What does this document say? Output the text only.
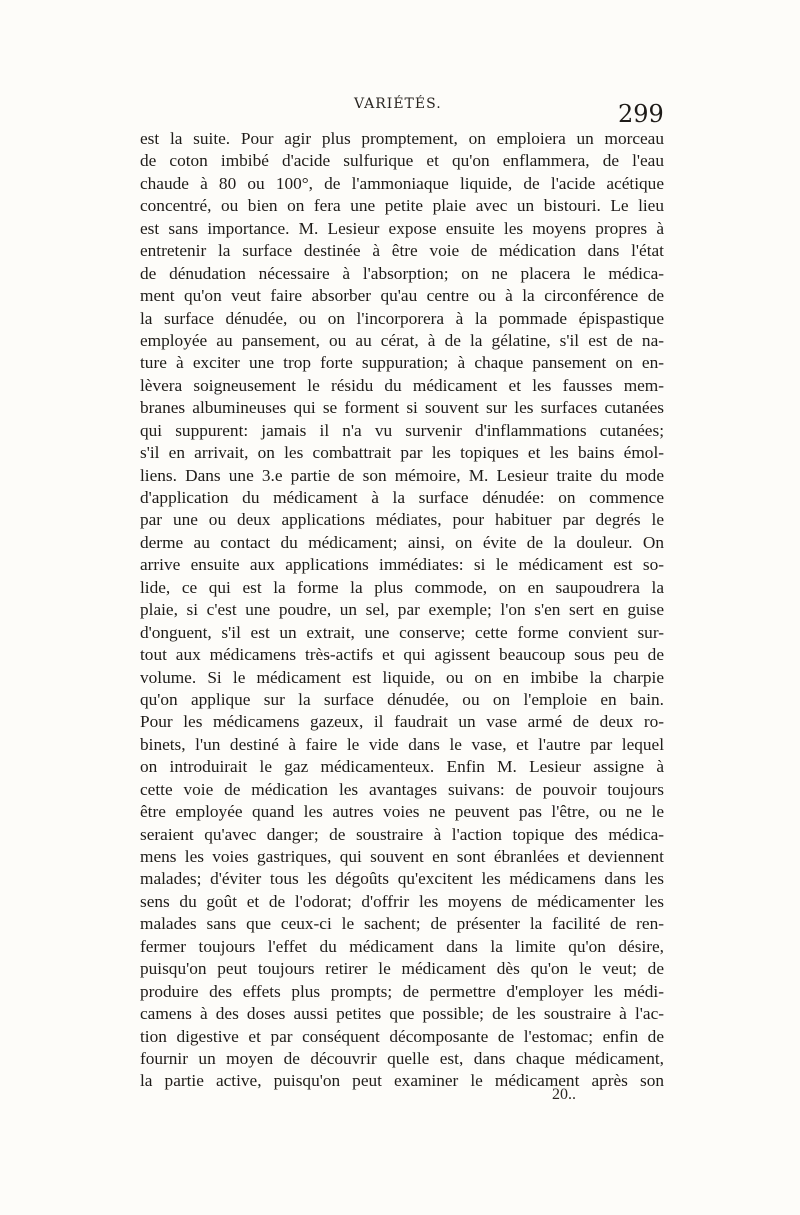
VARIÉTÉS.	299
est la suite. Pour agir plus promptement, on emploiera un morceau
de coton imbibé d'acide sulfurique et qu'on enflammera, de l'eau
chaude à 80 ou 100°, de l'ammoniaque liquide, de l'acide acétique
concentré, ou bien on fera une petite plaie avec un bistouri. Le lieu
est sans importance. M. Lesieur expose ensuite les moyens propres à
entretenir la surface destinée à être voie de médication dans l'état
de dénudation nécessaire à l'absorption; on ne placera le médica-
ment qu'on veut faire absorber qu'au centre ou à la circonférence de
la surface dénudée, ou on l'incorporera à la pommade épispastique
employée au pansement, ou au cérat, à de la gélatine, s'il est de na-
ture à exciter une trop forte suppuration; à chaque pansement on en-
lèvera soigneusement le résidu du médicament et les fausses mem-
branes albumineuses qui se forment si souvent sur les surfaces cutanées
qui suppurent: jamais il n'a vu survenir d'inflammations cutanées;
s'il en arrivait, on les combattrait par les topiques et les bains émol-
liens. Dans une 3.e partie de son mémoire, M. Lesieur traite du mode
d'application du médicament à la surface dénudée: on commence
par une ou deux applications médiates, pour habituer par degrés le
derme au contact du médicament; ainsi, on évite de la douleur. On
arrive ensuite aux applications immédiates: si le médicament est so-
lide, ce qui est la forme la plus commode, on en saupoudrera la
plaie, si c'est une poudre, un sel, par exemple; l'on s'en sert en guise
d'onguent, s'il est un extrait, une conserve; cette forme convient sur-
tout aux médicamens très-actifs et qui agissent beaucoup sous peu de
volume. Si le médicament est liquide, ou on en imbibe la charpie
qu'on applique sur la surface dénudée, ou on l'emploie en bain.
Pour les médicamens gazeux, il faudrait un vase armé de deux ro-
binets, l'un destiné à faire le vide dans le vase, et l'autre par lequel
on introduirait le gaz médicamenteux. Enfin M. Lesieur assigne à
cette voie de médication les avantages suivans: de pouvoir toujours
être employée quand les autres voies ne peuvent pas l'être, ou ne le
seraient qu'avec danger; de soustraire à l'action topique des médica-
mens les voies gastriques, qui souvent en sont ébranlées et deviennent
malades; d'éviter tous les dégoûts qu'excitent les médicamens dans les
sens du goût et de l'odorat; d'offrir les moyens de médicamenter les
malades sans que ceux-ci le sachent; de présenter la facilité de ren-
fermer toujours l'effet du médicament dans la limite qu'on désire,
puisqu'on peut toujours retirer le médicament dès qu'on le veut; de
produire des effets plus prompts; de permettre d'employer les médi-
camens à des doses aussi petites que possible; de les soustraire à l'ac-
tion digestive et par conséquent décomposante de l'estomac; enfin de
fournir un moyen de découvrir quelle est, dans chaque médicament,
la partie active, puisqu'on peut examiner le médicament après son
20..
